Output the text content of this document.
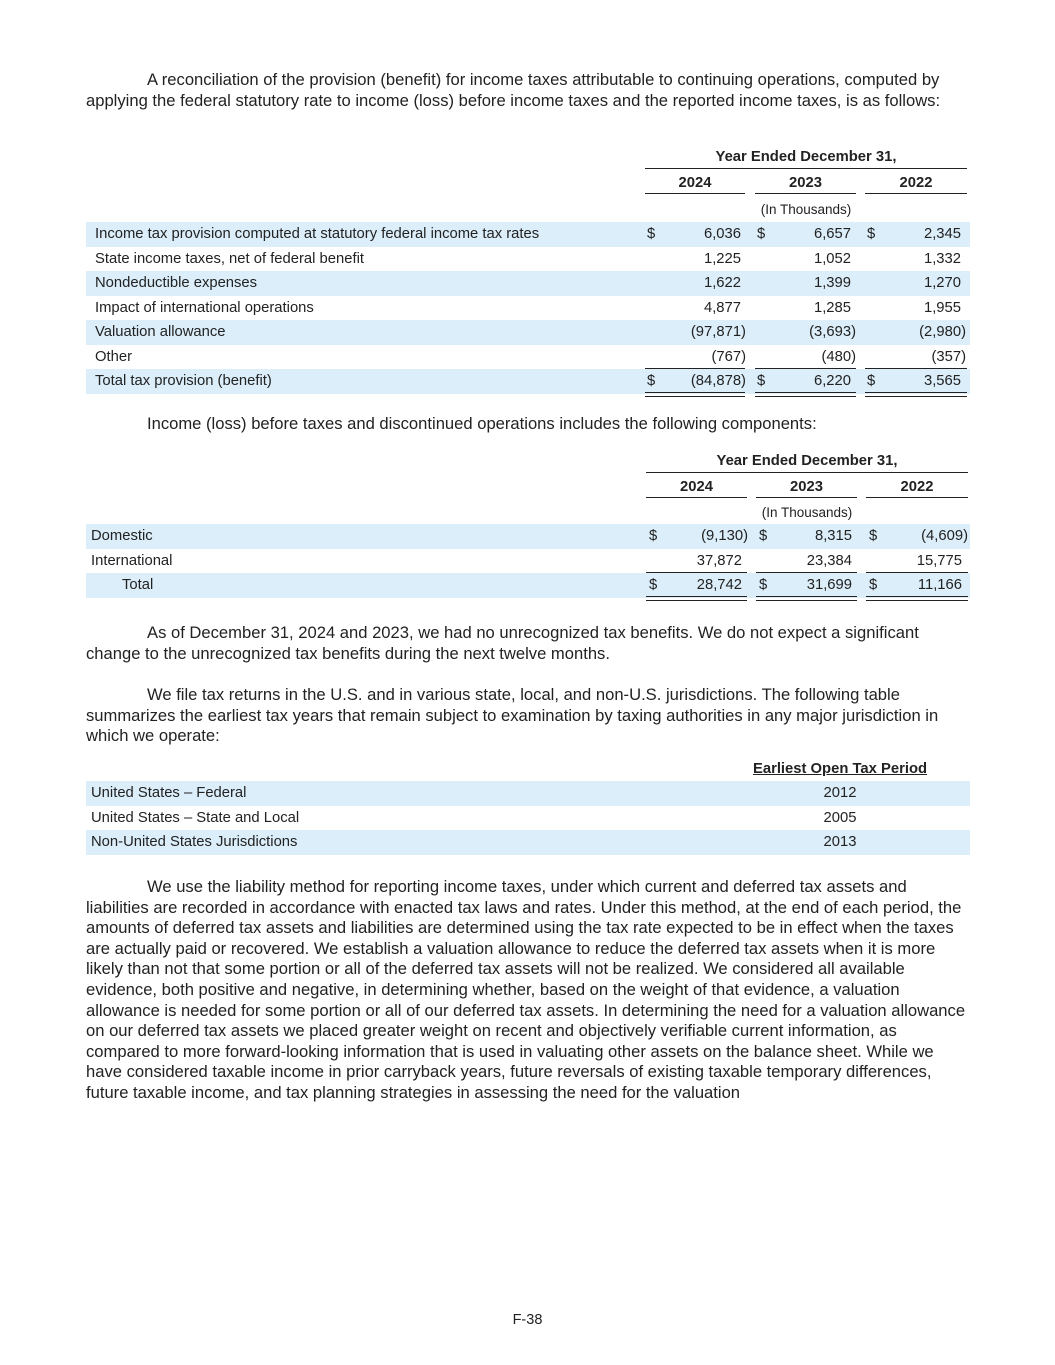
A reconciliation of the provision (benefit) for income taxes attributable to continuing operations, computed by applying the federal statutory rate to income (loss) before income taxes and the reported income taxes, is as follows:

Year Ended December 31,
2024	2023	2022
(In Thousands)
Income tax provision computed at statutory federal income tax rates	$	6,036 $	6,657 $	2,345
State income taxes, net of federal benefit	1,225	1,052	1,332
Nondeductible expenses	1,622	1,399	1,270
Impact of international operations	4,877	1,285	1,955
Valuation allowance	(97,871)	(3,693)	(2,980)
Other	(767)	(480)	(357)
Total tax provision (benefit)	$	(84,878) $	6,220 $	3,565

Income (loss) before taxes and discontinued operations includes the following components:

Year Ended December 31,
2024	2023	2022
(In Thousands)
Domestic	$	(9,130) $	8,315 $	(4,609)
International	37,872	23,384	15,775
Total	$	28,742 $	31,699 $	11,166

As of December 31, 2024 and 2023, we had no unrecognized tax benefits. We do not expect a significant change to the unrecognized tax benefits during the next twelve months.

We file tax returns in the U.S. and in various state, local, and non-U.S. jurisdictions. The following table summarizes the earliest tax years that remain subject to examination by taxing authorities in any major jurisdiction in which we operate:

Earliest Open Tax Period
United States – Federal	2012
United States – State and Local	2005
Non-United States Jurisdictions	2013

We use the liability method for reporting income taxes, under which current and deferred tax assets and liabilities are recorded in accordance with enacted tax laws and rates. Under this method, at the end of each period, the amounts of deferred tax assets and liabilities are determined using the tax rate expected to be in effect when the taxes are actually paid or recovered. We establish a valuation allowance to reduce the deferred tax assets when it is more likely than not that some portion or all of the deferred tax assets will not be realized. We considered all available evidence, both positive and negative, in determining whether, based on the weight of that evidence, a valuation allowance is needed for some portion or all of our deferred tax assets. In determining the need for a valuation allowance on our deferred tax assets we placed greater weight on recent and objectively verifiable current information, as compared to more forward-looking information that is used in valuating other assets on the balance sheet. While we have considered taxable income in prior carryback years, future reversals of existing taxable temporary differences, future taxable income, and tax planning strategies in assessing the need for the valuation

F-38
